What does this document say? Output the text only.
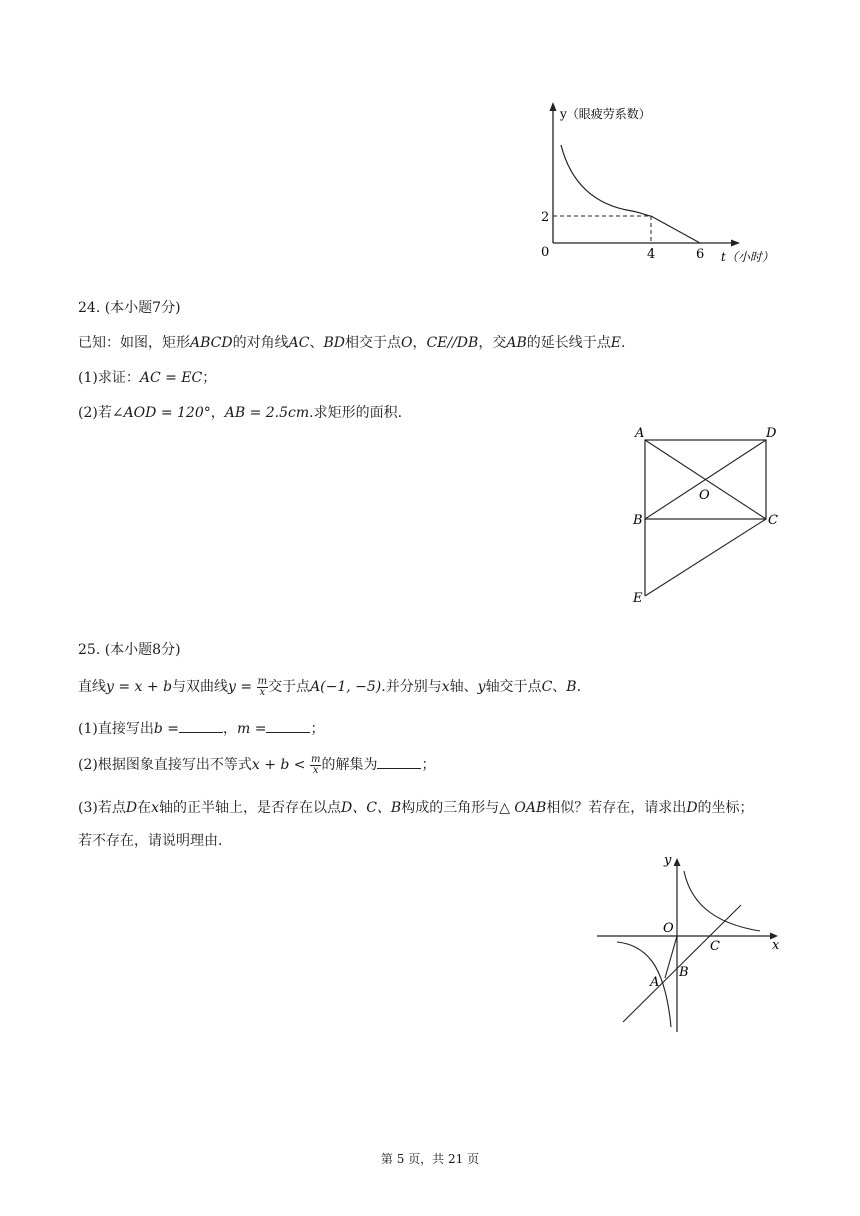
y（眼疲劳系数）
2
0	4	6 t（小时）
24. (本小题7分)
已知：如图，矩形ABCD的对角线AC、BD相交于点O，CE//DB，交AB的延长线于点E.
(1)求证：AC = EC；
(2)若∠AOD = 120°，AB = 2.5cm.求矩形的面积.
A	D
O
B	C
E
25. (本小题8分)
直线y = x + b与双曲线$y = \frac{m}{x}$ 交于点A(−1, −5).并分别与x轴、y轴交于点C、B.
(1)直接写出b =	，m =	；
(2)根据图象直接写出不等式$x + b < \frac{m}{x}$ 的解集为	；
(3)若点D在x轴的正半轴上，是否存在以点D、C、B构成的三角形与△ OAB相似？若存在，请求出D的坐标；
若不存在，请说明理由.
y
x
O
C
A
B
第 5 页，共 21 页
